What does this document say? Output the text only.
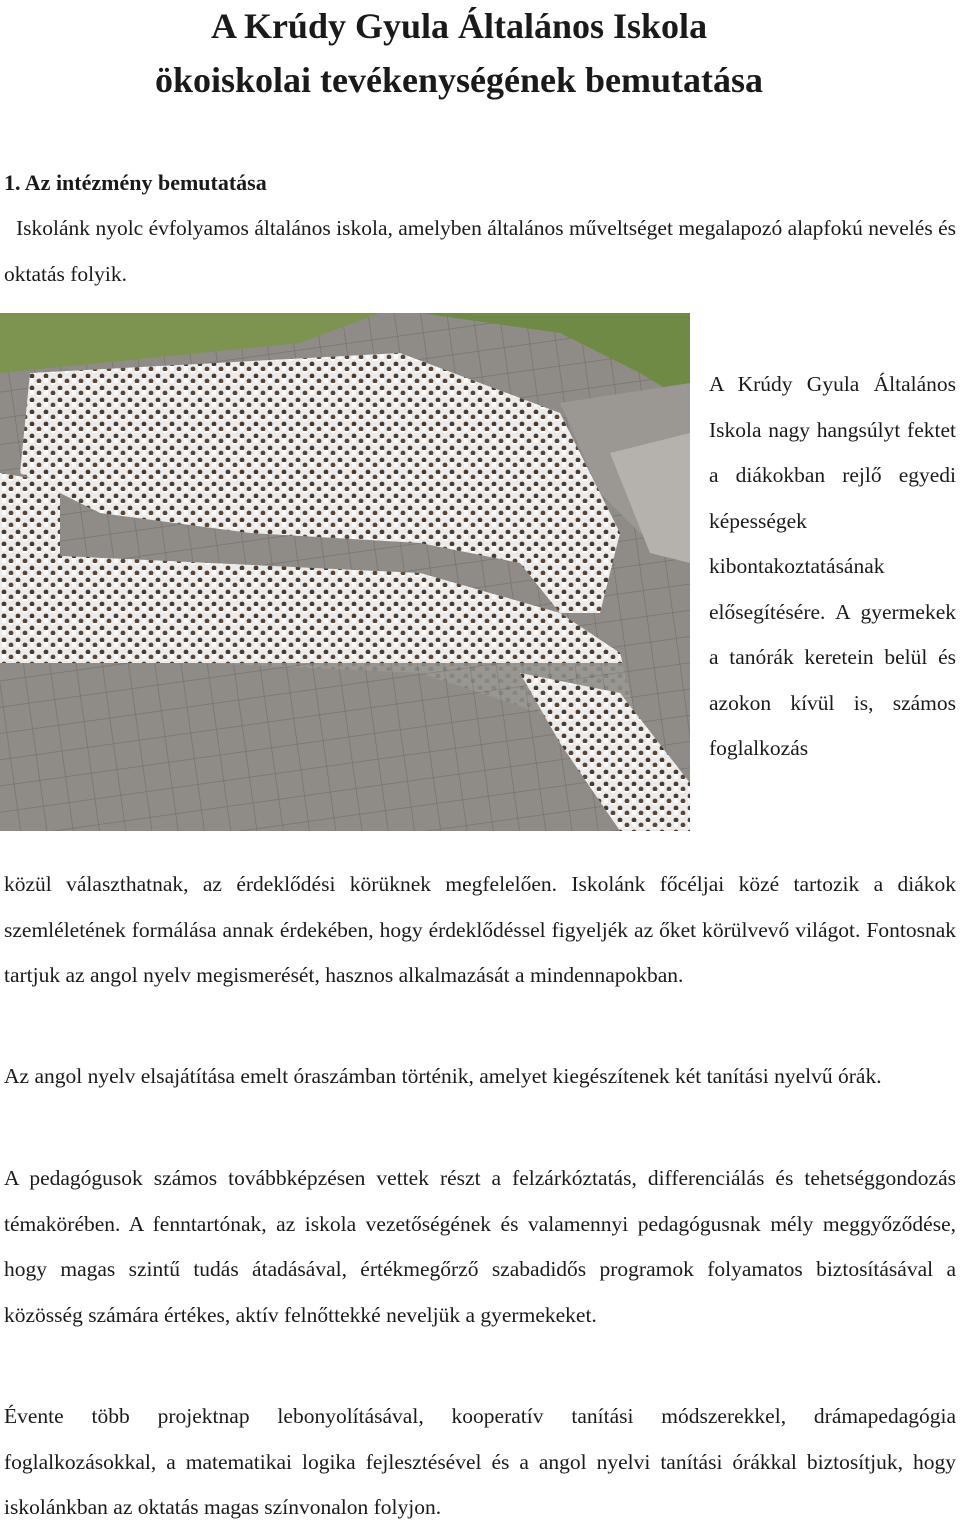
A Krúdy Gyula Általános Iskola
ökoiskolai tevékenységének bemutatása
1. Az intézmény bemutatása

Iskolánk nyolc évfolyamos általános iskola, amelyben általános műveltséget megalapozó alapfokú nevelés és oktatás folyik.

A Krúdy Gyula Általános Iskola nagy hangsúlyt fektet a diákokban rejlő egyedi képességek kibontakoztatásának elősegítésére. A gyermekek a tanórák keretein belül és azokon kívül is, számos foglalkozás

közül választhatnak, az érdeklődési körüknek megfelelően. Iskolánk főcéljai közé tartozik a diákok szemléletének formálása annak érdekében, hogy érdeklődéssel figyeljék az őket körülvevő világot. Fontosnak tartjuk az angol nyelv megismerését, hasznos alkalmazását a mindennapokban.

Az angol nyelv elsajátítása emelt óraszámban történik, amelyet kiegészítenek két tanítási nyelvű órák.

A pedagógusok számos továbbképzésen vettek részt a felzárkóztatás, differenciálás és tehetséggondozás témakörében. A fenntartónak, az iskola vezetőségének és valamennyi pedagógusnak mély meggyőződése, hogy magas szintű tudás átadásával, értékmegőrző szabadidős programok folyamatos biztosításával a közösség számára értékes, aktív felnőttekké neveljük a gyermekeket.

Évente több projektnap lebonyolításával, kooperatív tanítási módszerekkel, drámapedagógia foglalkozásokkal, a matematikai logika fejlesztésével és a angol nyelvi tanítási órákkal biztosítjuk, hogy iskolánkban az oktatás magas színvonalon folyjon.
